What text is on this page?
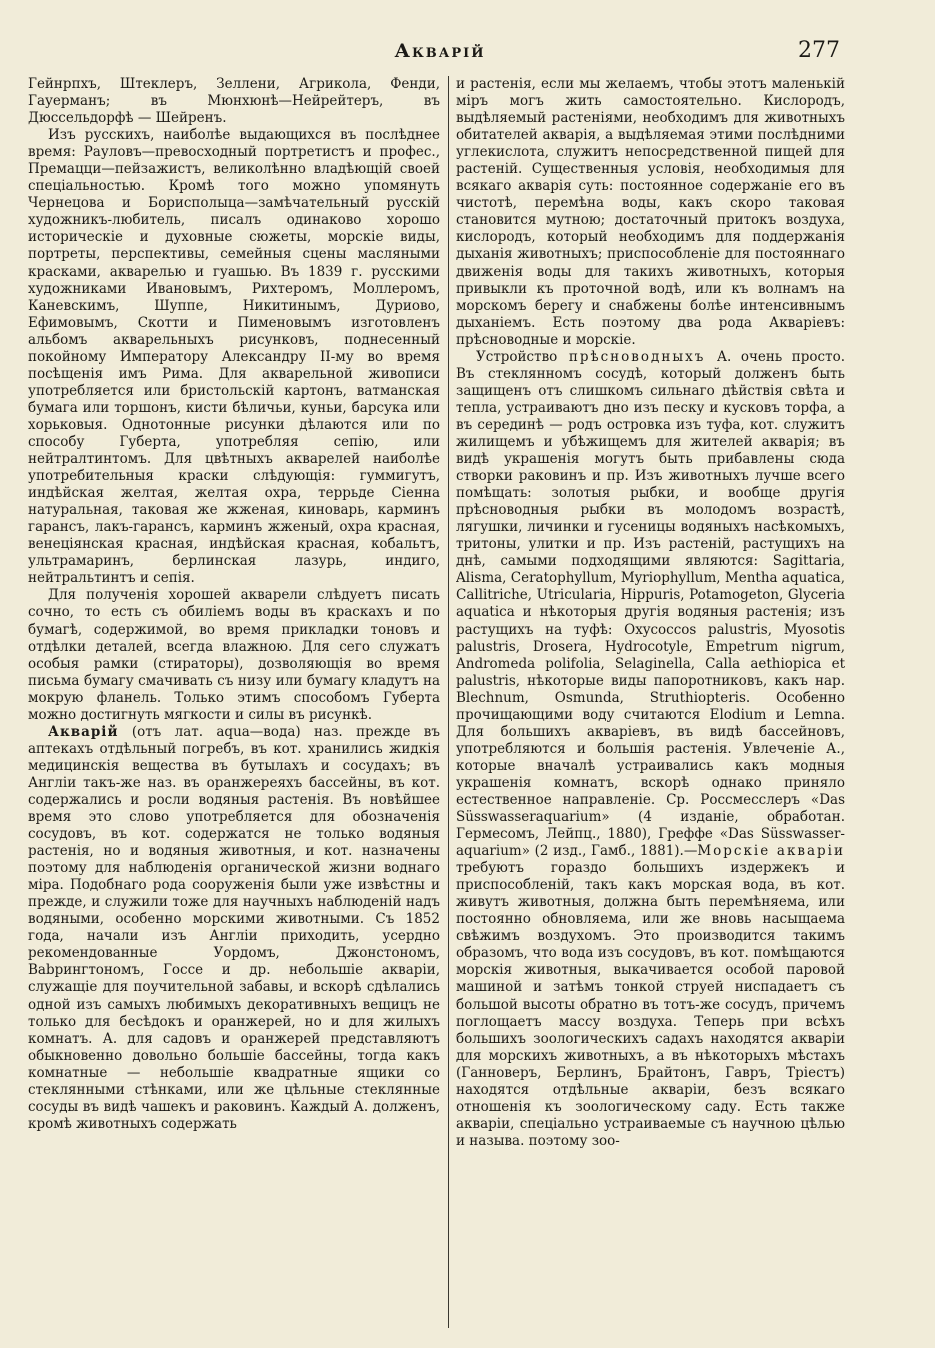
Акварiй	277

Гейнрпхъ, Штеклеръ, Зеллени, Агрикола, Фенди, Гауерманъ; въ Мюнхюнѣ—Нейрейтеръ, въ Дюссельдорфѣ — Шейренъ.

Изъ русскихъ, наиболѣе выдающихся въ послѣднее время: Рауловъ—превосходный портретистъ и профес., Премацци—пейзажистъ, великолѣнно владѣющій своей спеціальностью. Кромѣ того можно упомянуть Чернецова и Борисполыца—замѣчательный русскій художникъ-любитель, писалъ одинаково хорошо историческіе и духовные сюжеты, морскіе виды, портреты, перспективы, семейныя сцены масляными красками, акварелью и гуашью. Въ 1839 г. русскими художниками Ивановымъ, Рихтеромъ, Моллеромъ, Каневскимъ, Шуппе, Никитинымъ, Дуриово, Ефимовымъ, Скотти и Пименовымъ изготовленъ альбомъ акварельныхъ рисунковъ, поднесенный покойному Императору Александру II-му во время посѣщенія имъ Рима. Для акварельной живописи употребляется или бристольскій картонъ, ватманская бумага или торшонъ, кисти бѣличьи, куньи, барсука или хорьковыя. Однотонные рисунки дѣлаются или по способу Губерта, употребляя сепію, или нейтралтинтомъ. Для цвѣтныхъ акварелей наиболѣе употребительныя краски слѣдующія: гуммигутъ, индѣйская желтая, желтая охра, террьде Сіенна натуральная, таковая же жженая, киноварь, карминъ гарансъ, лакъ-гарансъ, карминъ жженый, охра красная, венеціянская красная, индѣйская красная, кобальтъ, ультрамаринъ, берлинская лазурь, индиго, нейтральтинтъ и сепія.

Для полученія хорошей акварели слѣдуетъ писать сочно, то есть съ обиліемъ воды въ краскахъ и по бумагѣ, содержимой, во время прикладки тоновъ и отдѣлки деталей, всегда влажною. Для сего служатъ особыя рамки (стираторы), дозволяющія во время письма бумагу смачивать съ низу или бумагу кладутъ на мокрую фланель. Только этимъ способомъ Губерта можно достигнуть мягкости и силы въ рисункѣ.

Акварій (отъ лат. aqua—вода) наз. прежде въ аптекахъ отдѣльный погребъ, въ кот. хранились жидкія медицинскія вещества въ бутылахъ и сосудахъ; въ Англіи такъ-же наз. въ оранжереяхъ бассейны, въ кот. содержались и росли водяныя растенія. Въ новѣйшее время это слово употребляется для обозначенія сосудовъ, въ кот. содержатся не только водяныя растенія, но и водяныя животныя, и кот. назначены поэтому для наблюденія органической жизни воднаго міра. Подобнаго рода сооруженія были уже извѣстны и прежде, и служили тоже для научныхъ наблюденій надъ водяными, особенно морскими животными. Съ 1852 года, начали изъ Англіи приходить, усердно рекомендованные Уордомъ, Джонстономъ, Babрингтономъ, Госсе и др. небольшіе акваріи, служащіе для поучительной забавы, и вскорѣ сдѣлались одной изъ самыхъ любимыхъ декоративныхъ вещицъ не только для бесѣдокъ и оранжерей, но и для жилыхъ комнатъ. А. для садовъ и оранжерей представляютъ обыкновенно довольно большіе бассейны, тогда какъ комнатные — небольшіе квадратные ящики со стеклянными стѣнками, или же цѣльные стеклянные сосуды въ видѣ чашекъ и раковинъ. Каждый А. долженъ, кромѣ животныхъ содержать

и растенія, если мы желаемъ, чтобы этотъ маленькій міръ могъ жить самостоятельно. Кислородъ, выдѣляемый растеніями, необходимъ для животныхъ обитателей акварія, а выдѣляемая этими послѣдними углекислота, служитъ непосредственной пищей для растеній. Существенныя условія, необходимыя для всякаго акварія суть: постоянное содержаніе его въ чистотѣ, перемѣна воды, какъ скоро таковая становится мутною; достаточный притокъ воздуха, кислородъ, который необходимъ для поддержанія дыханія животныхъ; приспособленіе для постояннаго движенія воды для такихъ животныхъ, которыя привыкли къ проточной водѣ, или къ волнамъ на морскомъ берегу и снабжены болѣе интенсивнымъ дыханіемъ. Есть поэтому два рода Акваріевъ: прѣсноводные и морскіе.

Устройство прѣсноводныхъ А. очень просто. Въ стеклянномъ сосудѣ, который долженъ быть защищенъ отъ слишкомъ сильнаго дѣйствія свѣта и тепла, устраиваютъ дно изъ песку и кусковъ торфа, а въ серединѣ — родъ островка изъ туфа, кот. служитъ жилищемъ и убѣжищемъ для жителей акварія; въ видѣ украшенія могутъ быть прибавлены сюда створки раковинъ и пр. Изъ животныхъ лучше всего помѣщать: золотыя рыбки, и вообще другія прѣсноводныя рыбки въ молодомъ возрастѣ, лягушки, личинки и гусеницы водяныхъ насѣкомыхъ, тритоны, улитки и пр. Изъ растеній, растущихъ на днѣ, самыми подходящими являются: Sagittaria, Alisma, Ceratophyllum, Myriophyllum, Mentha aquatica, Callitriche, Utricularia, Hippuris, Potamogeton, Glyceria aquatica и нѣкоторыя другія водяныя растенія; изъ растущихъ на туфѣ: Oxycoccos palustris, Myosotis palustris, Drosera, Hydrocotyle, Empetrum nigrum, Andromeda polifolia, Selaginella, Calla aethiopica et palustris, нѣкоторые виды папоротниковъ, какъ нар. Blechnum, Osmunda, Struthiopteris. Особенно прочищающими воду считаются Elodium и Lemna. Для большихъ акваріевъ, въ видѣ бассейновъ, употребляются и большія растенія. Увлеченіе А., которые вначалѣ устраивались какъ модныя украшенія комнатъ, вскорѣ однако приняло естественное направленіе. Ср. Россмесслеръ «Das Süsswasseraquarium» (4 изданіе, обработан. Гермесомъ, Лейпц., 1880), Греффе «Das Süsswasser-aquarium» (2 изд., Гамб., 1881).—Морскіе акваріи требуютъ гораздо большихъ издержекъ и приспособленій, такъ какъ морская вода, въ кот. живутъ животныя, должна быть перемѣняема, или постоянно обновляема, или же вновь насыщаема свѣжимъ воздухомъ. Это производится такимъ образомъ, что вода изъ сосудовъ, въ кот. помѣщаются морскія животныя, выкачивается особой паровой машиной и затѣмъ тонкой струей ниспадаетъ съ большой высоты обратно въ тотъ-же сосудъ, причемъ поглощаетъ массу воздуха. Теперь при всѣхъ большихъ зоологическихъ садахъ находятся акваріи для морскихъ животныхъ, а въ нѣкоторыхъ мѣстахъ (Ганноверъ, Берлинъ, Брайтонъ, Гавръ, Тріестъ) находятся отдѣльные акваріи, безъ всякаго отношенія къ зоологическому саду. Есть также акваріи, спеціально устраиваемые съ научною цѣлью и называ. поэтому зоо-
